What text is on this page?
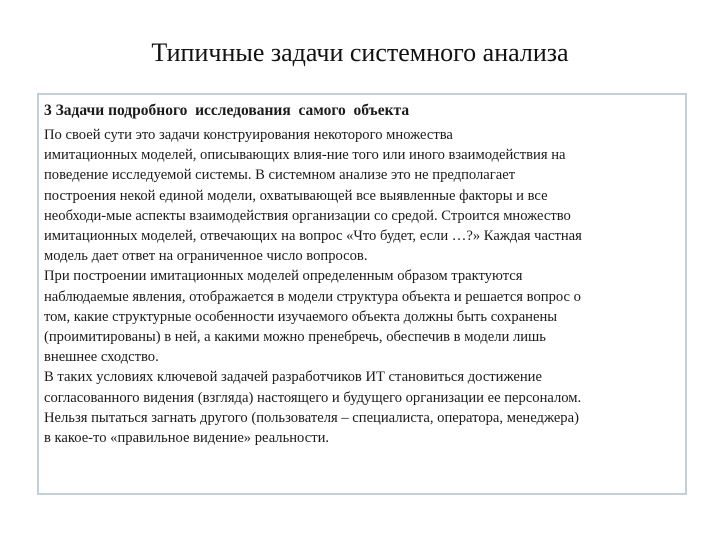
Типичные задачи системного анализа
3 Задачи подробного  исследования  самого  объекта

По своей сути это задачи конструирования некоторого множества
имитационных моделей, описывающих влия-ние того или иного взаимодействия на
поведение исследуемой системы. В системном анализе это не предполагает
построения некой единой модели, охватывающей все выявленные факторы и все
необходи-мые аспекты взаимодействия организации со средой. Строится множество
имитационных моделей, отвечающих на вопрос «Что будет, если …?» Каждая частная
модель дает ответ на ограниченное число вопросов.

При построении имитационных моделей определенным образом трактуются
наблюдаемые явления, отображается в модели структура объекта и решается вопрос о
том, какие структурные особенности изучаемого объекта должны быть сохранены
(проимитированы) в ней, а какими можно пренебречь, обеспечив в модели лишь
внешнее сходство.

В таких условиях ключевой задачей разработчиков ИТ становиться достижение
согласованного видения (взгляда) настоящего и будущего организации ее персоналом.
Нельзя пытаться загнать другого (пользователя – специалиста, оператора, менеджера)
в какое-то «правильное видение» реальности.
